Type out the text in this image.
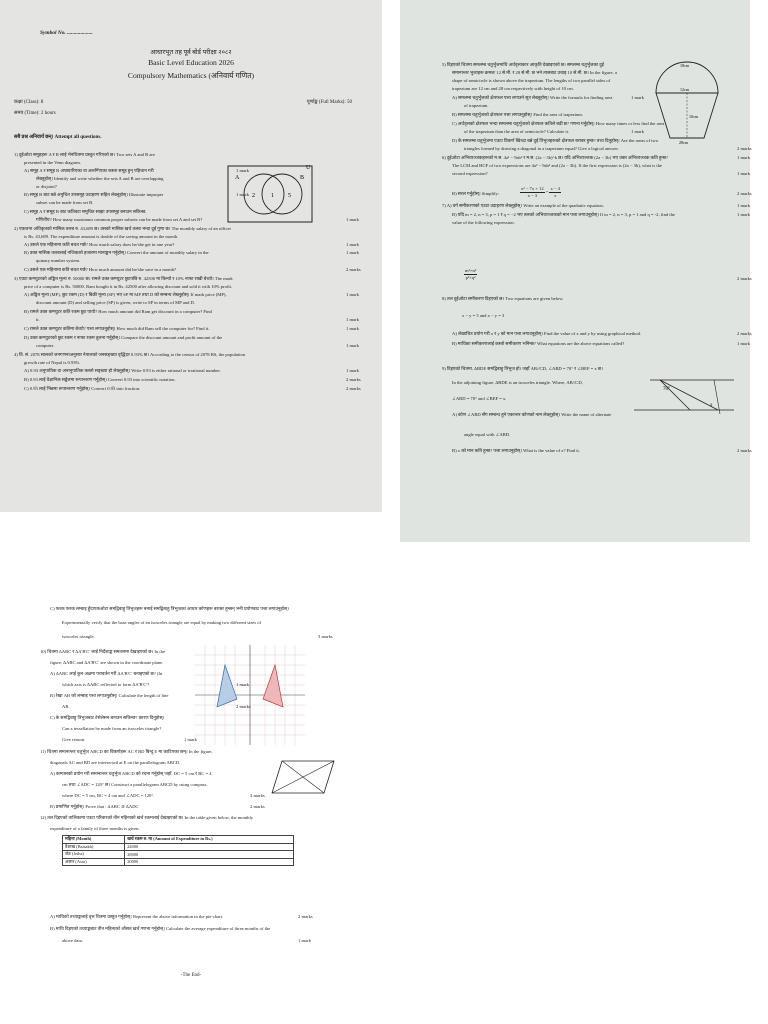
Symbol No. ...................
आधारभूत तह पूर्व बोर्ड परीक्षा २०८२
Basic Level Education 2026
Compulsory Mathematics (अनिवार्य गणित)
कक्षा (Class): 8
समय (Time): 2 hours
पूर्णाङ्क (Full Marks): 50
सबै प्रश्न अनिवार्य छन्। Attempt all questions.
U
A	B
2	1 5
1) दुईओटा समुहहरू A र B लाई भेनचित्रमा प्रस्तुत गरिएको छ। Two sets A and B are
presented in the Venn diagram.
A) समूह A र समूह B अप्ठ्यारिएका वा अलग्गिएका कस्ता समूह हुन् पहिचान गरी
लेख्नुहोस्। Identify and write whether the sets A and B are overlapping
or disjoint?
B) समूह B बाट बन्ने अनुचित उपसमूह उदाहरण सहित लेख्नुहोस्। Illustrate improper
subset can be made from set B.
C) समूह A र समूह B बाट कतिवटा समुचित साझा उपसमूह बनाउन सकिन्छ,
गणितीय? How many maximum common proper subsets can be made from set A and set B?
2) एकजना अधिकृतको मासिक तलब रु. 43,689 छ। उसको मासिक खर्च तलब भन्दा दुई गुणा छ। The monthly salary of an officer
is Rs. 43,689. The expenditure amount is double of the saving amount in the month.
A) उसले एक महिनामा कति बचत गर्छ? How much salary does he/she get in one year?
B) उक्त मासिक तलबलाई नजिकको हजारमा मानाङ्कन गर्नुहोस्। Convert the amount of monthly salary in the
quinary number system.
C) उसले एक महिनामा कति बचत गर्छ? How much amount did he/she save in a month?
3) एउटा कम्प्युटरको अङ्कित मूल्य रु. 50000 छ। रामले उक्त कम्प्युटर छुटपछि रु. 42500 मा किन्यो र 10% नाफा राखी बेच्यो। The mark
price of a computer is Rs. 50000. Ram bought it in Rs. 42500 after allowing discount and sold it with 10% profit.
A) अङ्कित मूल्य (MP), छुट रकम (D) र बिक्री मूल्य (SP) भए SP मा MP तथा D को सम्बन्ध लेख्नुहोस्। If mark price (MP),
discount amount (D) and selling price (SP) is given, write to SP in terms of MP and D.
B) रामले उक्त कम्प्युटर कति रकम छुट पायो? How much amount did Ram get discount in a computer? Find
it.
C) रामले उक्त कम्प्युटर कतिमा बेच्यो? पत्ता लगाउनुहोस्। How much did Ram sell the computer for? Find it.
D) उक्त कम्प्युटरको छुट रकम र नाफा रकम तुलना गर्नुहोस्। Compare the discount amount and profit amount of the
computer.
4) वि. सं. 2078 सालको जनगणनाअनुसार नेपालको जनसङ्ख्या वृद्धिदर 0.93% छ। According to the census of 2078 BS, the population
growth rate of Nepal is 0.93%.
A) 0.93 अनुपातिक वा अनानुपातिक कस्तो सङ्ख्या हो लेख्नुहोस्। Write 0.93 is either rational or irrational number.
B) 0.93 लाई वैज्ञानिक सङ्केतमा रूपान्तरण गर्नुहोस्। Convert 0.93 into scientific notation.
C) 0.9̅3 लाई भिन्नमा रूपान्तरण गर्नुहोस्। Convert 0.9̅3 into fraction.
1 mark
1 mark
1 mark
1 mark
1 mark
2 marks
1 mark
1 mark
1 mark
1 mark
1 mark
2 marks
2 marks
18cm
12cm
10cm
28cm
$\frac{\text{x² − 7x + 12}}{x - 3} \div \frac{x - 4}{x}$
$\frac{\text{m²×n²}}{\text{p²×q²}}$
70°
x
5) दिइएको चित्रमा समलम्ब चतुर्भुजमाथि अर्धवृत्ताकार आकृति देखाइएको छ। समलम्ब चतुर्भुजका दुई
समानान्तर भुजाहरू क्रमशः 12 से.मी. र 28 से.मी. छ भने त्यसबाट उचाइ 10 से.मी. छ। In the figure, a
shape of semicircle is shown above the trapezium. The lengths of two parallel sides of
trapezium are 12 cm and 28 cm respectively with height of 10 cm.
A) समलम्ब चतुर्भुजको क्षेत्रफल पत्ता लगाउने सूत्र लेख्नुहोस्। Write the formula for finding area
of trapezium.
B) समलम्ब चतुर्भुजको क्षेत्रफल पत्ता लगाउनुहोस्। Find the area of trapezium.
C) अर्धवृत्तको क्षेत्रफल भन्दा समलम्ब चतुर्भुजको क्षेत्रफल कतिले बढी छ? गणना गर्नुहोस्। How many times or less find the area
of the trapezium than the area of semicircle? Calculate it.
D) के समलम्ब चतुर्भुजमा एउटा विकर्ण खिच्दा बन्ने दुई त्रिभुजहरूको क्षेत्रफल बराबर हुन्छ? तथ्य दिनुहोस्। Are the areas of two
triangles formed by drawing a diagonal in a trapezium equal? Give a logical answer.
6) दुईओटा अभिव्यञ्जकहरूको म.स. 4a² − 9ab² र म.स. (2a − 3b)^k छ। यदि अभिव्यञ्जक (2a − 3b) भए उक्त अभिव्यञ्जक कति हुन्छ?
The LCM and HCF of two expressions are 4a² − 9ab² and (2a − 3b). If the first expression is (2a − 3b), what is the
second expression?
B) सरल गर्नुहोस्। Simplify:
7) A) वर्ग समीकरणको एउटा उदाहरण लेख्नुहोस्। Write an example of the quadratic equation.
B) यदि m = 2, n = 3, p = 1 र q = −2 भए तलको अभिव्यञ्जकको मान पत्ता लगाउनुहोस्। If m = 2, n = 3, p = 1 and q = -2, find the
value of the following expression.
8) तल दुईओटा समीकरण दिइएको छ। Two equations are given below.
x − y = 5 and x − y = 3
A) लेखाचित्र प्रयोग गरी x र y को मान पत्ता लगाउनुहोस्। Find the value of x and y by using graphical method.
B) माथिका समीकरणलाई कस्तो समीकरण भनिन्छ? What equations are the above equations called?
9) दिइएको चित्रमा, ∆BDE समद्विबाहु त्रिभुज हो। जहाँ AB//CD, ∠ABD = 70° र ∠BEF = x छ।
In the adjoining figure, ∆BDE is an isosceles triangle. Where, AB//CD,
∠ABD = 70° and ∠BEF = x.
A) कोण ∠ABD सँग सम्बन्ध हुने एकान्तर कोणको नाम लेख्नुहोस्। Write the name of alternate
angle equal with ∠ABD.
B) x को मान कति हुन्छ? पत्ता लगाउनुहोस्। What is the value of x? Find it.
1 mark
1 mark
2 marks
1 mark
1 mark
2 marks
1 mark
1 mark
2 marks
2 marks
1 mark
2 marks
महिना (Month)	खर्च रकम रु. मा (Amount of Expenditure in Rs.)
वैशाख (Baisakh)	24000
जेठ (Jetha)	28000
असार (Asar)	20000
-The End-
C) फरक फरक लम्बाइ हुँदाएकओटा समद्विबाहु त्रिभुजहरू बनाई समद्विबाहु त्रिभुजका आधार कोणहरू बराबर हुन्छन् भनी प्रयोगबाट पत्ता लगाउनुहोस्।
Experimentally verify that the base angles of an isosceles triangle are equal by making two different sizes of
isosceles triangle.
10) चित्रमा ∆ABC र ∆A'B'C' लाई निर्देशाङ्क समतलमा देखाइएको छ। In the
figure, ∆ABC and ∆A'B'C' are shown in the coordinate plane.
A) ∆ABC लाई कुन अक्षमा परावर्तन गरी ∆A'B'C' बनाइएको छ? (In
which axis is ∆ABC reflected to form ∆A'B'C'?
B) रेखा AB को लम्बाइ पत्ता लगाउनुहोस्। Calculate the length of line
AB.
C) के समद्विबाहु त्रिभुजबाट टेसेलेसन बनाउन सकिन्छ? कारण दिनुहोस्।
Can a tessellation be made from an isosceles triangle?
Give reason.
11) चित्रमा समानान्तर चतुर्भुज ABCD का विकर्णहरू AC र BD बिन्दु E मा काटिएका छन्। In the figure,
diagonals AC and BD are intersected at E on the parallelogram ABCD.
A) कम्पासको प्रयोग गरी समानान्तर चतुर्भुज ABCD को रचना गर्नुहोस् जहाँ, DC = 5 cm र BC = 4
cm तथा ∠ADC = 120° छ। Construct a parallelogram ABCD by using compass,
where DC = 5 cm, BC = 4 cm and ∠ADC = 120°.
B) प्रमाणित गर्नुहोस्। Prove that : ∆ABC ≅ ∆ADC
12) तल दिइएको तालिकामा एउटा परिवारको तीन महिनाको खर्च रकमलाई देखाइएको छ। In the table given below, the monthly
expenditure of a family of three months is given.
A) माथिको तथ्याङ्कलाई वृत्त चित्रमा प्रस्तुत गर्नुहोस्। Represent the above information in the pie-chart.
B) माथि दिइएको तथ्याङ्कबाट तीन महिनाको औसत खर्च गणना गर्नुहोस्। Calculate the average expenditure of three months of the
above data.
3 marks
1 mark
2 marks
1 mark
3 marks
2 marks
2 marks
1 mark
